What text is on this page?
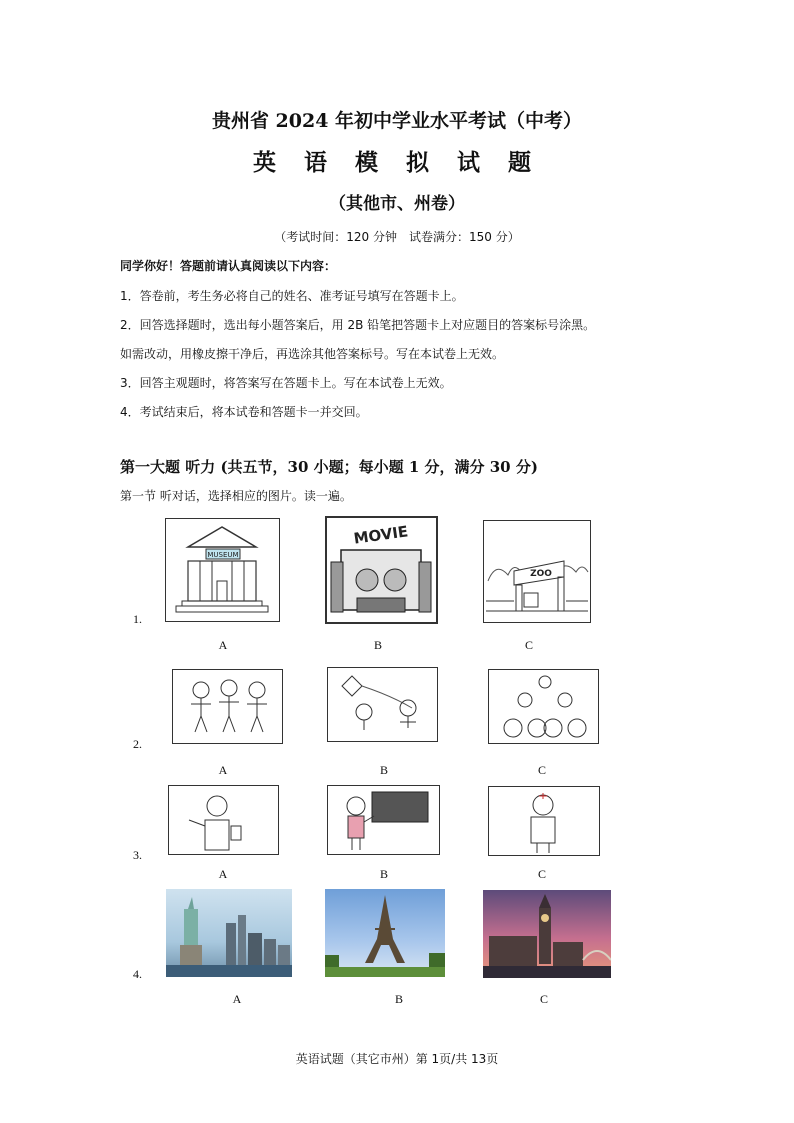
贵州省 2024 年初中学业水平考试（中考）
英 语 模 拟 试 题
（其他市、州卷）
（考试时间：120 分钟　试卷满分：150 分）
同学你好！答题前请认真阅读以下内容：
1．答卷前，考生务必将自己的姓名、准考证号填写在答题卡上。
2．回答选择题时，选出每小题答案后，用 2B 铅笔把答题卡上对应题目的答案标号涂黑。
如需改动，用橡皮擦干净后，再选涂其他答案标号。写在本试卷上无效。
3．回答主观题时，将答案写在答题卡上。写在本试卷上无效。
4．考试结束后，将本试卷和答题卡一并交回。
第一大题 听力 (共五节，30 小题；每小题 1 分，满分 30 分)
第一节 听对话，选择相应的图片。读一遍。
1.
MUSEUM
MOVIE
ZOO
A	B	C
2.
A	B	C
3.
A	B	C
4.
A	B	C
英语试题（其它市州）第 1页/共 13页
